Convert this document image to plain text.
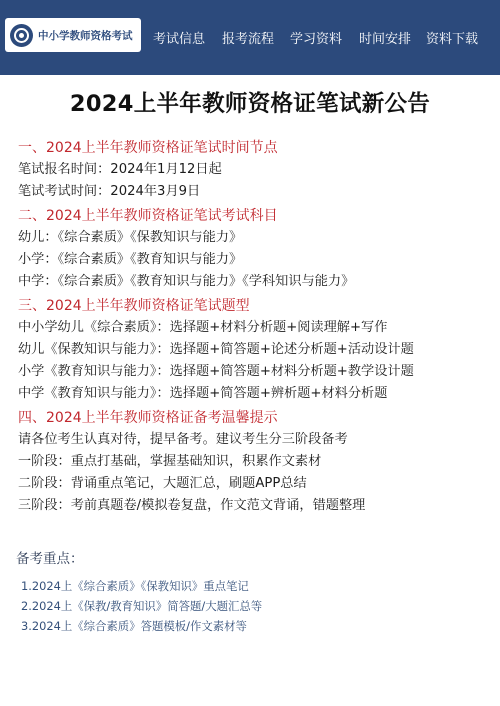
中小学教师资格考试 考试信息 报考流程 学习资料 时间安排 资料下载
2024上半年教师资格证笔试新公告
一、2024上半年教师资格证笔试时间节点
笔试报名时间：2024年1月12日起
笔试考试时间：2024年3月9日
二、2024上半年教师资格证笔试考试科目
幼儿：《综合素质》《保教知识与能力》
小学：《综合素质》《教育知识与能力》
中学：《综合素质》《教育知识与能力》《学科知识与能力》
三、2024上半年教师资格证笔试题型
中小学幼儿《综合素质》：选择题+材料分析题+阅读理解+写作
幼儿《保教知识与能力》：选择题+简答题+论述分析题+活动设计题
小学《教育知识与能力》：选择题+简答题+材料分析题+教学设计题
中学《教育知识与能力》：选择题+简答题+辨析题+材料分析题
四、2024上半年教师资格证备考温馨提示
请各位考生认真对待，提早备考。建议考生分三阶段备考
一阶段：重点打基础，掌握基础知识，积累作文素材
二阶段：背诵重点笔记，大题汇总，刷题APP总结
三阶段：考前真题卷/模拟卷复盘，作文范文背诵，错题整理
备考重点：
1.2024上《综合素质》《保教知识》重点笔记
2.2024上《保教/教育知识》简答题/大题汇总等
3.2024上《综合素质》答题模板/作文素材等
